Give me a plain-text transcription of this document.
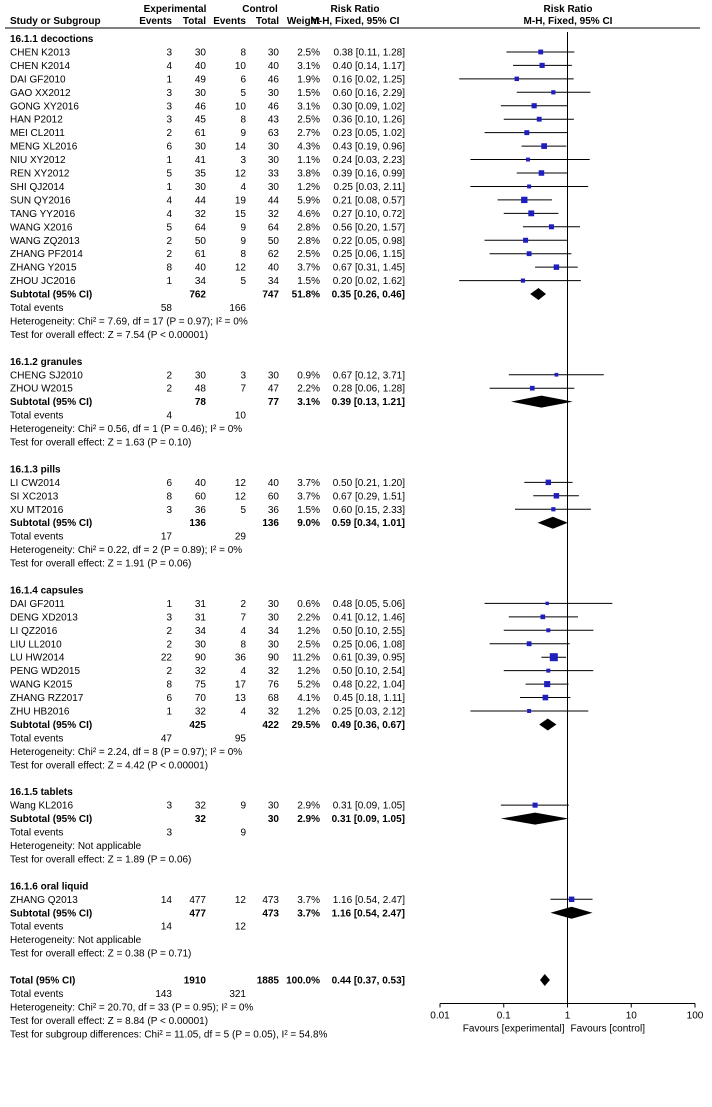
Experimental	Control	Risk Ratio	Risk Ratio
Study or Subgroup	Events Total Events Total Weight
M-H, Fixed, 95% CI	M-H, Fixed, 95% CI
16.1.1 decoctions
CHEN K2013	3 30	8 30 2.5% 0.38 [0.11, 1.28]
CHEN K2014	4 40	10 40 3.1% 0.40 [0.14, 1.17]
DAI GF2010	1 49	6 46 1.9% 0.16 [0.02, 1.25]
GAO XX2012	3 30	5 30 1.5% 0.60 [0.16, 2.29]
GONG XY2016	3 46	10 46 3.1% 0.30 [0.09, 1.02]
HAN P2012	3 45	8 43 2.5% 0.36 [0.10, 1.26]
MEI CL2011	2 61	9 63 2.7% 0.23 [0.05, 1.02]
MENG XL2016	6 30	14 30 4.3% 0.43 [0.19, 0.96]
NIU XY2012	1 41	3 30 1.1% 0.24 [0.03, 2.23]
REN XY2012	5 35	12 33 3.8% 0.39 [0.16, 0.99]
SHI QJ2014	1 30	4 30 1.2% 0.25 [0.03, 2.11]
SUN QY2016	4 44	19 44 5.9% 0.21 [0.08, 0.57]
TANG YY2016	4 32	15 32 4.6% 0.27 [0.10, 0.72]
WANG X2016	5 64	9 64 2.8% 0.56 [0.20, 1.57]
WANG ZQ2013	2 50	9 50 2.8% 0.22 [0.05, 0.98]
ZHANG PF2014	2 61	8 62 2.5% 0.25 [0.06, 1.15]
ZHANG Y2015	8 40	12 40 3.7% 0.67 [0.31, 1.45]
ZHOU JC2016	1 34	5 34 1.5% 0.20 [0.02, 1.62]
Subtotal (95% CI)	762	747 51.8% 0.35 [0.26, 0.46]
Total events	58	166
Heterogeneity: Chi² = 7.69, df = 17 (P = 0.97); I² = 0%
Test for overall effect: Z = 7.54 (P < 0.00001)
16.1.2 granules
CHENG SJ2010	2 30	3 30 0.9% 0.67 [0.12, 3.71]
ZHOU W2015	2 48	7 47 2.2% 0.28 [0.06, 1.28]
Subtotal (95% CI)	78	77 3.1% 0.39 [0.13, 1.21]
Total events	4	10
Heterogeneity: Chi² = 0.56, df = 1 (P = 0.46); I² = 0%
Test for overall effect: Z = 1.63 (P = 0.10)
16.1.3 pills
LI CW2014	6 40	12 40 3.7% 0.50 [0.21, 1.20]
SI XC2013	8 60	12 60 3.7% 0.67 [0.29, 1.51]
XU MT2016	3 36	5 36 1.5% 0.60 [0.15, 2.33]
Subtotal (95% CI)	136	136 9.0% 0.59 [0.34, 1.01]
Total events	17	29
Heterogeneity: Chi² = 0.22, df = 2 (P = 0.89); I² = 0%
Test for overall effect: Z = 1.91 (P = 0.06)
16.1.4 capsules
DAI GF2011	1 31	2 30 0.6% 0.48 [0.05, 5.06]
DENG XD2013	3 31	7 30 2.2% 0.41 [0.12, 1.46]
LI QZ2016	2 34	4 34 1.2% 0.50 [0.10, 2.55]
LIU LL2010	2 30	8 30 2.5% 0.25 [0.06, 1.08]
LU HW2014	22 90	36 90 11.2% 0.61 [0.39, 0.95]
PENG WD2015	2 32	4 32 1.2% 0.50 [0.10, 2.54]
WANG K2015	8 75	17 76 5.2% 0.48 [0.22, 1.04]
ZHANG RZ2017	6 70	13 68 4.1% 0.45 [0.18, 1.11]
ZHU HB2016	1 32	4 32 1.2% 0.25 [0.03, 2.12]
Subtotal (95% CI)	425	422 29.5% 0.49 [0.36, 0.67]
Total events	47	95
Heterogeneity: Chi² = 2.24, df = 8 (P = 0.97); I² = 0%
Test for overall effect: Z = 4.42 (P < 0.00001)
16.1.5 tablets
Wang KL2016	3 32	9 30 2.9% 0.31 [0.09, 1.05]
Subtotal (95% CI)	32	30 2.9% 0.31 [0.09, 1.05]
Total events	3	9
Heterogeneity: Not applicable
Test for overall effect: Z = 1.89 (P = 0.06)
16.1.6 oral liquid
ZHANG Q2013	14 477	12 473 3.7% 1.16 [0.54, 2.47]
Subtotal (95% CI)	477	473 3.7% 1.16 [0.54, 2.47]
Total events	14	12
Heterogeneity: Not applicable
Test for overall effect: Z = 0.38 (P = 0.71)
Total (95% CI)	1910	1885 100.0% 0.44 [0.37, 0.53]
Total events	143	321
Heterogeneity: Chi² = 20.70, df = 33 (P = 0.95); I² = 0%
Test for overall effect: Z = 8.84 (P < 0.00001)
Test for subgroup differences: Chi² = 11.05, df = 5 (P = 0.05), I² = 54.8%
0.01	0.1	1	10	100
Favours [experimental] Favours [control]
